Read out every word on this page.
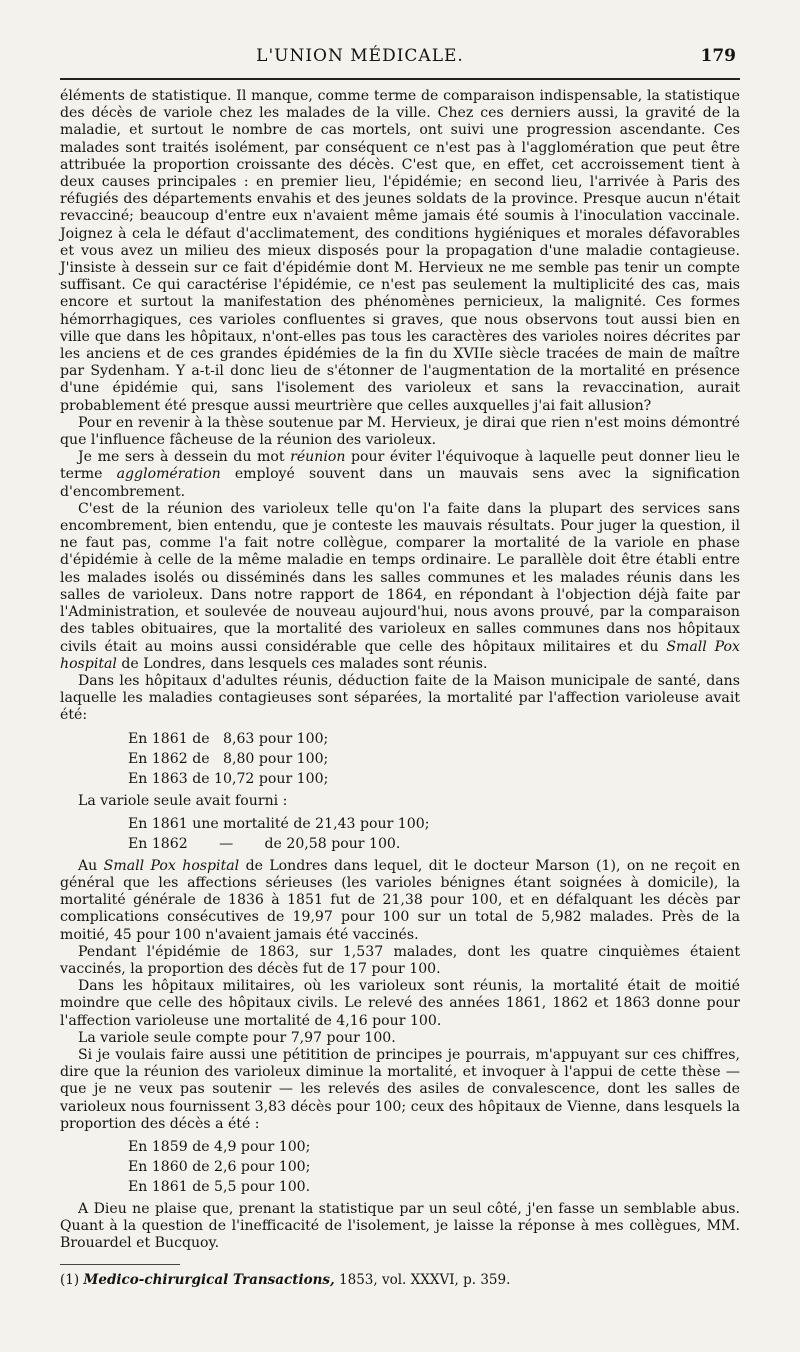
L'UNION MÉDICALE.	179

éléments de statistique. Il manque, comme terme de comparaison indispensable, la statistique des décès de variole chez les malades de la ville. Chez ces derniers aussi, la gravité de la maladie, et surtout le nombre de cas mortels, ont suivi une progression ascendante. Ces malades sont traités isolément, par conséquent ce n'est pas à l'agglomération que peut être attribuée la proportion croissante des décès. C'est que, en effet, cet accroissement tient à deux causes principales : en premier lieu, l'épidémie; en second lieu, l'arrivée à Paris des réfugiés des départements envahis et des jeunes soldats de la province. Presque aucun n'était revacciné; beaucoup d'entre eux n'avaient même jamais été soumis à l'inoculation vaccinale. Joignez à cela le défaut d'acclimatement, des conditions hygiéniques et morales défavorables et vous avez un milieu des mieux disposés pour la propagation d'une maladie contagieuse. J'insiste à dessein sur ce fait d'épidémie dont M. Hervieux ne me semble pas tenir un compte suffisant. Ce qui caractérise l'épidémie, ce n'est pas seulement la multiplicité des cas, mais encore et surtout la manifestation des phénomènes pernicieux, la malignité. Ces formes hémorrhagiques, ces varioles confluentes si graves, que nous observons tout aussi bien en ville que dans les hôpitaux, n'ont-elles pas tous les caractères des varioles noires décrites par les anciens et de ces grandes épidémies de la fin du XVIIe siècle tracées de main de maître par Sydenham. Y a-t-il donc lieu de s'étonner de l'augmentation de la mortalité en présence d'une épidémie qui, sans l'isolement des varioleux et sans la revaccination, aurait probablement été presque aussi meurtrière que celles auxquelles j'ai fait allusion?

Pour en revenir à la thèse soutenue par M. Hervieux, je dirai que rien n'est moins démontré que l'influence fâcheuse de la réunion des varioleux.

Je me sers à dessein du mot réunion pour éviter l'équivoque à laquelle peut donner lieu le terme agglomération employé souvent dans un mauvais sens avec la signification d'encombrement.

C'est de la réunion des varioleux telle qu'on l'a faite dans la plupart des services sans encombrement, bien entendu, que je conteste les mauvais résultats. Pour juger la question, il ne faut pas, comme l'a fait notre collègue, comparer la mortalité de la variole en phase d'épidémie à celle de la même maladie en temps ordinaire. Le parallèle doit être établi entre les malades isolés ou disséminés dans les salles communes et les malades réunis dans les salles de varioleux. Dans notre rapport de 1864, en répondant à l'objection déjà faite par l'Administration, et soulevée de nouveau aujourd'hui, nous avons prouvé, par la comparaison des tables obituaires, que la mortalité des varioleux en salles communes dans nos hôpitaux civils était au moins aussi considérable que celle des hôpitaux militaires et du Small Pox hospital de Londres, dans lesquels ces malades sont réunis.

Dans les hôpitaux d'adultes réunis, déduction faite de la Maison municipale de santé, dans laquelle les maladies contagieuses sont séparées, la mortalité par l'affection varioleuse avait été:

En 1861 de   8,63 pour 100;
En 1862 de   8,80 pour 100;
En 1863 de 10,72 pour 100;

La variole seule avait fourni :

En 1861 une mortalité de 21,43 pour 100;
En 1862       —       de 20,58 pour 100.

Au Small Pox hospital de Londres dans lequel, dit le docteur Marson (1), on ne reçoit en général que les affections sérieuses (les varioles bénignes étant soignées à domicile), la mortalité générale de 1836 à 1851 fut de 21,38 pour 100, et en défalquant les décès par complications consécutives de 19,97 pour 100 sur un total de 5,982 malades. Près de la moitié, 45 pour 100 n'avaient jamais été vaccinés.

Pendant l'épidémie de 1863, sur 1,537 malades, dont les quatre cinquièmes étaient vaccinés, la proportion des décès fut de 17 pour 100.

Dans les hôpitaux militaires, où les varioleux sont réunis, la mortalité était de moitié moindre que celle des hôpitaux civils. Le relevé des années 1861, 1862 et 1863 donne pour l'affection varioleuse une mortalité de 4,16 pour 100.

La variole seule compte pour 7,97 pour 100.

Si je voulais faire aussi une pétitition de principes je pourrais, m'appuyant sur ces chiffres, dire que la réunion des varioleux diminue la mortalité, et invoquer à l'appui de cette thèse — que je ne veux pas soutenir — les relevés des asiles de convalescence, dont les salles de varioleux nous fournissent 3,83 décès pour 100; ceux des hôpitaux de Vienne, dans lesquels la proportion des décès a été :

En 1859 de 4,9 pour 100;
En 1860 de 2,6 pour 100;
En 1861 de 5,5 pour 100.

A Dieu ne plaise que, prenant la statistique par un seul côté, j'en fasse un semblable abus. Quant à la question de l'inefficacité de l'isolement, je laisse la réponse à mes collègues, MM. Brouardel et Bucquoy.

(1) Medico-chirurgical Transactions, 1853, vol. XXXVI, p. 359.
